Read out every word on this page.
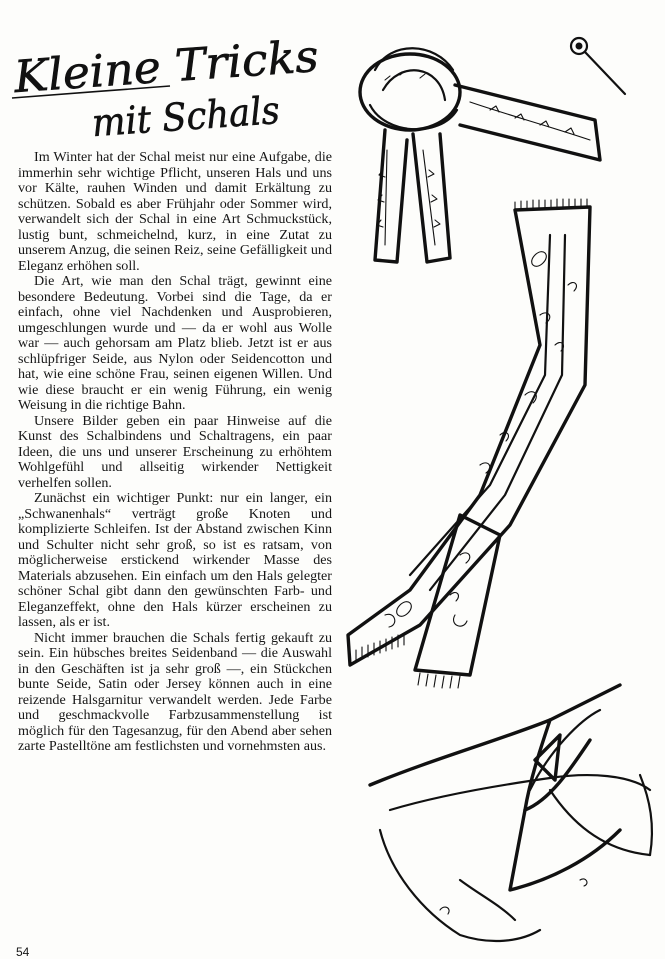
Kleine Tricks
mit Schals

Im Winter hat der Schal meist nur eine Aufgabe, die immerhin sehr wichtige Pflicht, unseren Hals und uns vor Kälte, rauhen Winden und damit Erkältung zu schützen. Sobald es aber Frühjahr oder Sommer wird, verwandelt sich der Schal in eine Art Schmuckstück, lustig bunt, schmeichelnd, kurz, in eine Zutat zu unserem Anzug, die seinen Reiz, seine Gefälligkeit und Eleganz erhöhen soll.

Die Art, wie man den Schal trägt, gewinnt eine besondere Bedeutung. Vorbei sind die Tage, da er einfach, ohne viel Nachdenken und Ausprobieren, umgeschlungen wurde und — da er wohl aus Wolle war — auch gehorsam am Platz blieb. Jetzt ist er aus schlüpfriger Seide, aus Nylon oder Seidencotton und hat, wie eine schöne Frau, seinen eigenen Willen. Und wie diese braucht er ein wenig Führung, ein wenig Weisung in die richtige Bahn.

Unsere Bilder geben ein paar Hinweise auf die Kunst des Schalbindens und Schaltragens, ein paar Ideen, die uns und unserer Erscheinung zu erhöhtem Wohlgefühl und allseitig wirkender Nettigkeit verhelfen sollen.

Zunächst ein wichtiger Punkt: nur ein langer, ein „Schwanenhals“ verträgt große Knoten und komplizierte Schleifen. Ist der Abstand zwischen Kinn und Schulter nicht sehr groß, so ist es ratsam, von möglicherweise erstickend wirkender Masse des Materials abzusehen. Ein einfach um den Hals gelegter schöner Schal gibt dann den gewünschten Farb- und Eleganzeffekt, ohne den Hals kürzer erscheinen zu lassen, als er ist.

Nicht immer brauchen die Schals fertig gekauft zu sein. Ein hübsches breites Seidenband — die Auswahl in den Geschäften ist ja sehr groß —, ein Stückchen bunte Seide, Satin oder Jersey können auch in eine reizende Halsgarnitur verwandelt werden. Jede Farbe und geschmackvolle Farbzusammenstellung ist möglich für den Tagesanzug, für den Abend aber sehen zarte Pastelltöne am festlichsten und vornehmsten aus.

54
